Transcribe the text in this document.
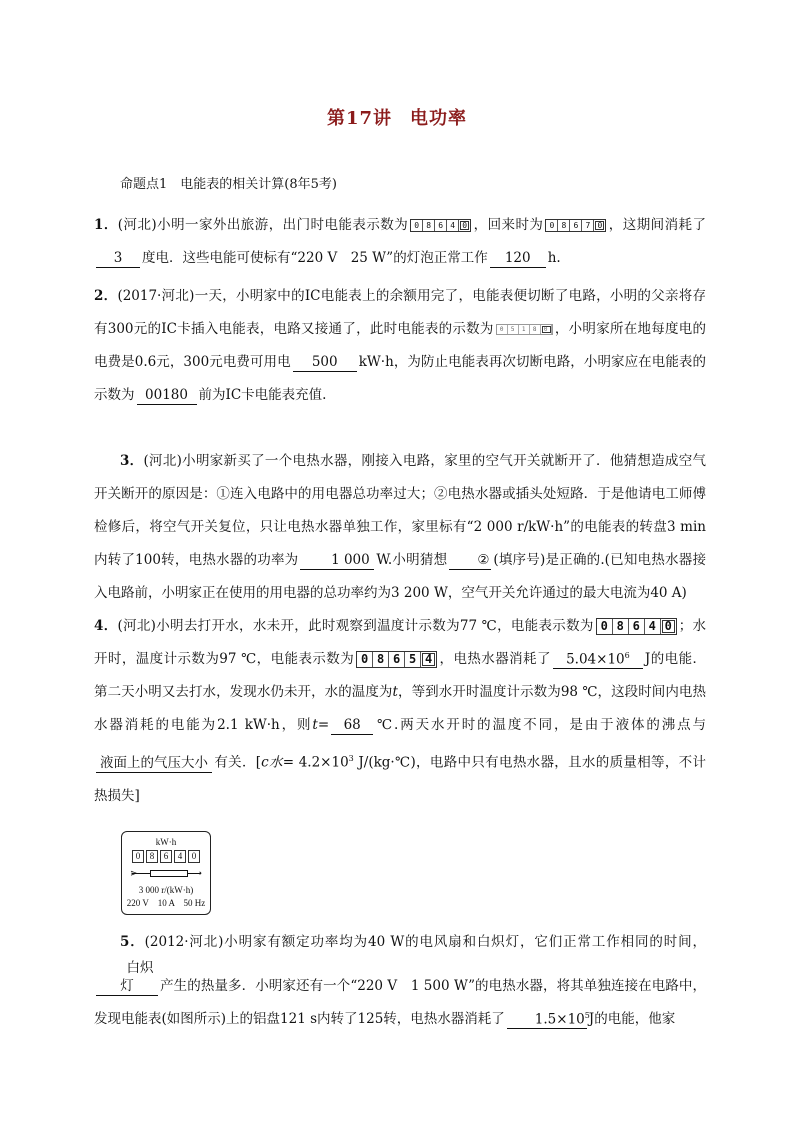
第17讲 电功率
命题点1　电能表的相关计算(8年5考)
1．(河北)小明一家外出旅游，出门时电能表示数为 0 8 6 4 0 ，回来时为 0 8 6 7 0 ，这期间消耗了3 度电．这些电能可使标有“220 V　25 W”的灯泡正常工作 120 h.
2．(2017·河北)一天，小明家中的IC电能表上的余额用完了，电能表便切断了电路，小明的父亲将存有300元的IC卡插入电能表，电路又接通了，此时电能表的示数为	0	5	1	8	0 ，小明家所在地每度电的电费是0.6元，300元电费可用电 500 kW·h，为防止电能表再次切断电路，小明家应在电能表的示数为 00180 前为IC卡电能表充值.
3．(河北)小明家新买了一个电热水器，刚接入电路，家里的空气开关就断开了．他猜想造成空气开关断开的原因是：①连入电路中的用电器总功率过大；②电热水器或插头处短路．于是他请电工师傅检修后，将空气开关复位，只让电热水器单独工作，家里标有“2 000 r/kW·h”的电能表的转盘3 min内转了100转，电热水器的功率为 1 000 W.小明猜想 ② (填序号)是正确的.(已知电热水器接入电路前，小明家正在使用的用电器的总功率约为3 200 W，空气开关允许通过的最大电流为40 A)
4．(河北)小明去打开水，水未开，此时观察到温度计示数为77 ℃，电能表示数为 0 8 6 4 0 ；水开时，温度计示数为97 ℃，电能表示数为 0 8 6 5 4 ，电热水器消耗了 $5.04\times 10^6$ J的电能．第二天小明又去打水，发现水仍未开，水的温度为t，等到水开时温度计示数为98 ℃，这段时间内电热水器消耗的电能为2.1 kW·h，则t= 68 ℃.两天水开时的温度不同，是由于液体的沸点与液面上的气压大小 有关．[c水= $4.2\times 10^3$ J/(kg·℃)，电路中只有电热水器，且水的质量相等，不计热损失]
kW·h
0	8	6	4	0
⋗	➝
3 000 r/(kW·h)
220 V　10 A　50 Hz
5．(2012·河北)小明家有额定功率均为40 W的电风扇和白炽灯，它们正常工作相同的时间，白炽灯 产生的热量多．小明家还有一个“220 V　1 500 W”的电热水器，将其单独连接在电路中，发现电能表(如图所示)上的铝盘121 s内转了125转，电热水器消耗了 $1.5\times 10^5J$的电能，他家
